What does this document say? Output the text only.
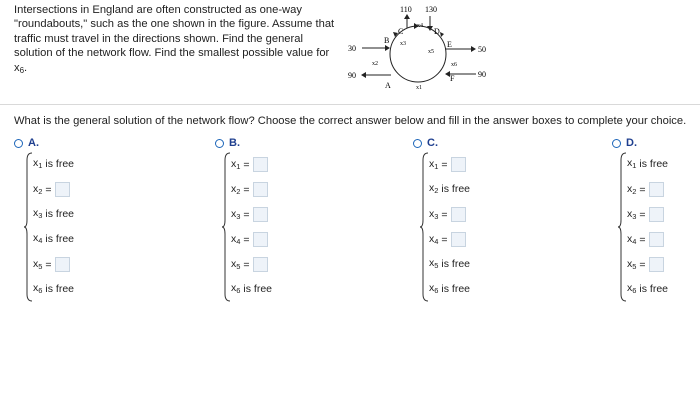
Intersections in England are often constructed as one-way
"roundabouts," such as the one shown in the figure. Assume that
traffic must travel in the directions shown. Find the general
solution of the network flow. Find the smallest possible value for
$x_6$.
110 130
30
90
50
90
A
B
C	D
E
F
x1
x2
x3
x4
x5
x6
What is the general solution of the network flow? Choose the correct answer below and fill in the answer boxes to complete your choice.
A.	B.	C.	D.
$x_1$ is free
$x_2$ =
$x_3$ is free
$x_4$ is free
$x_5$ =
$x_6$ is free
$x_1$ =
$x_2$ =
$x_3$ =
$x_4$ =
$x_5$ =
$x_6$ is free
$x_1$ =
$x_2$ is free
$x_3$ =
$x_4$ =
$x_5$ is free
$x_6$ is free
$x_1$ is free
$x_2$ =
$x_3$ =
$x_4$ =
$x_5$ =
$x_6$ is free
